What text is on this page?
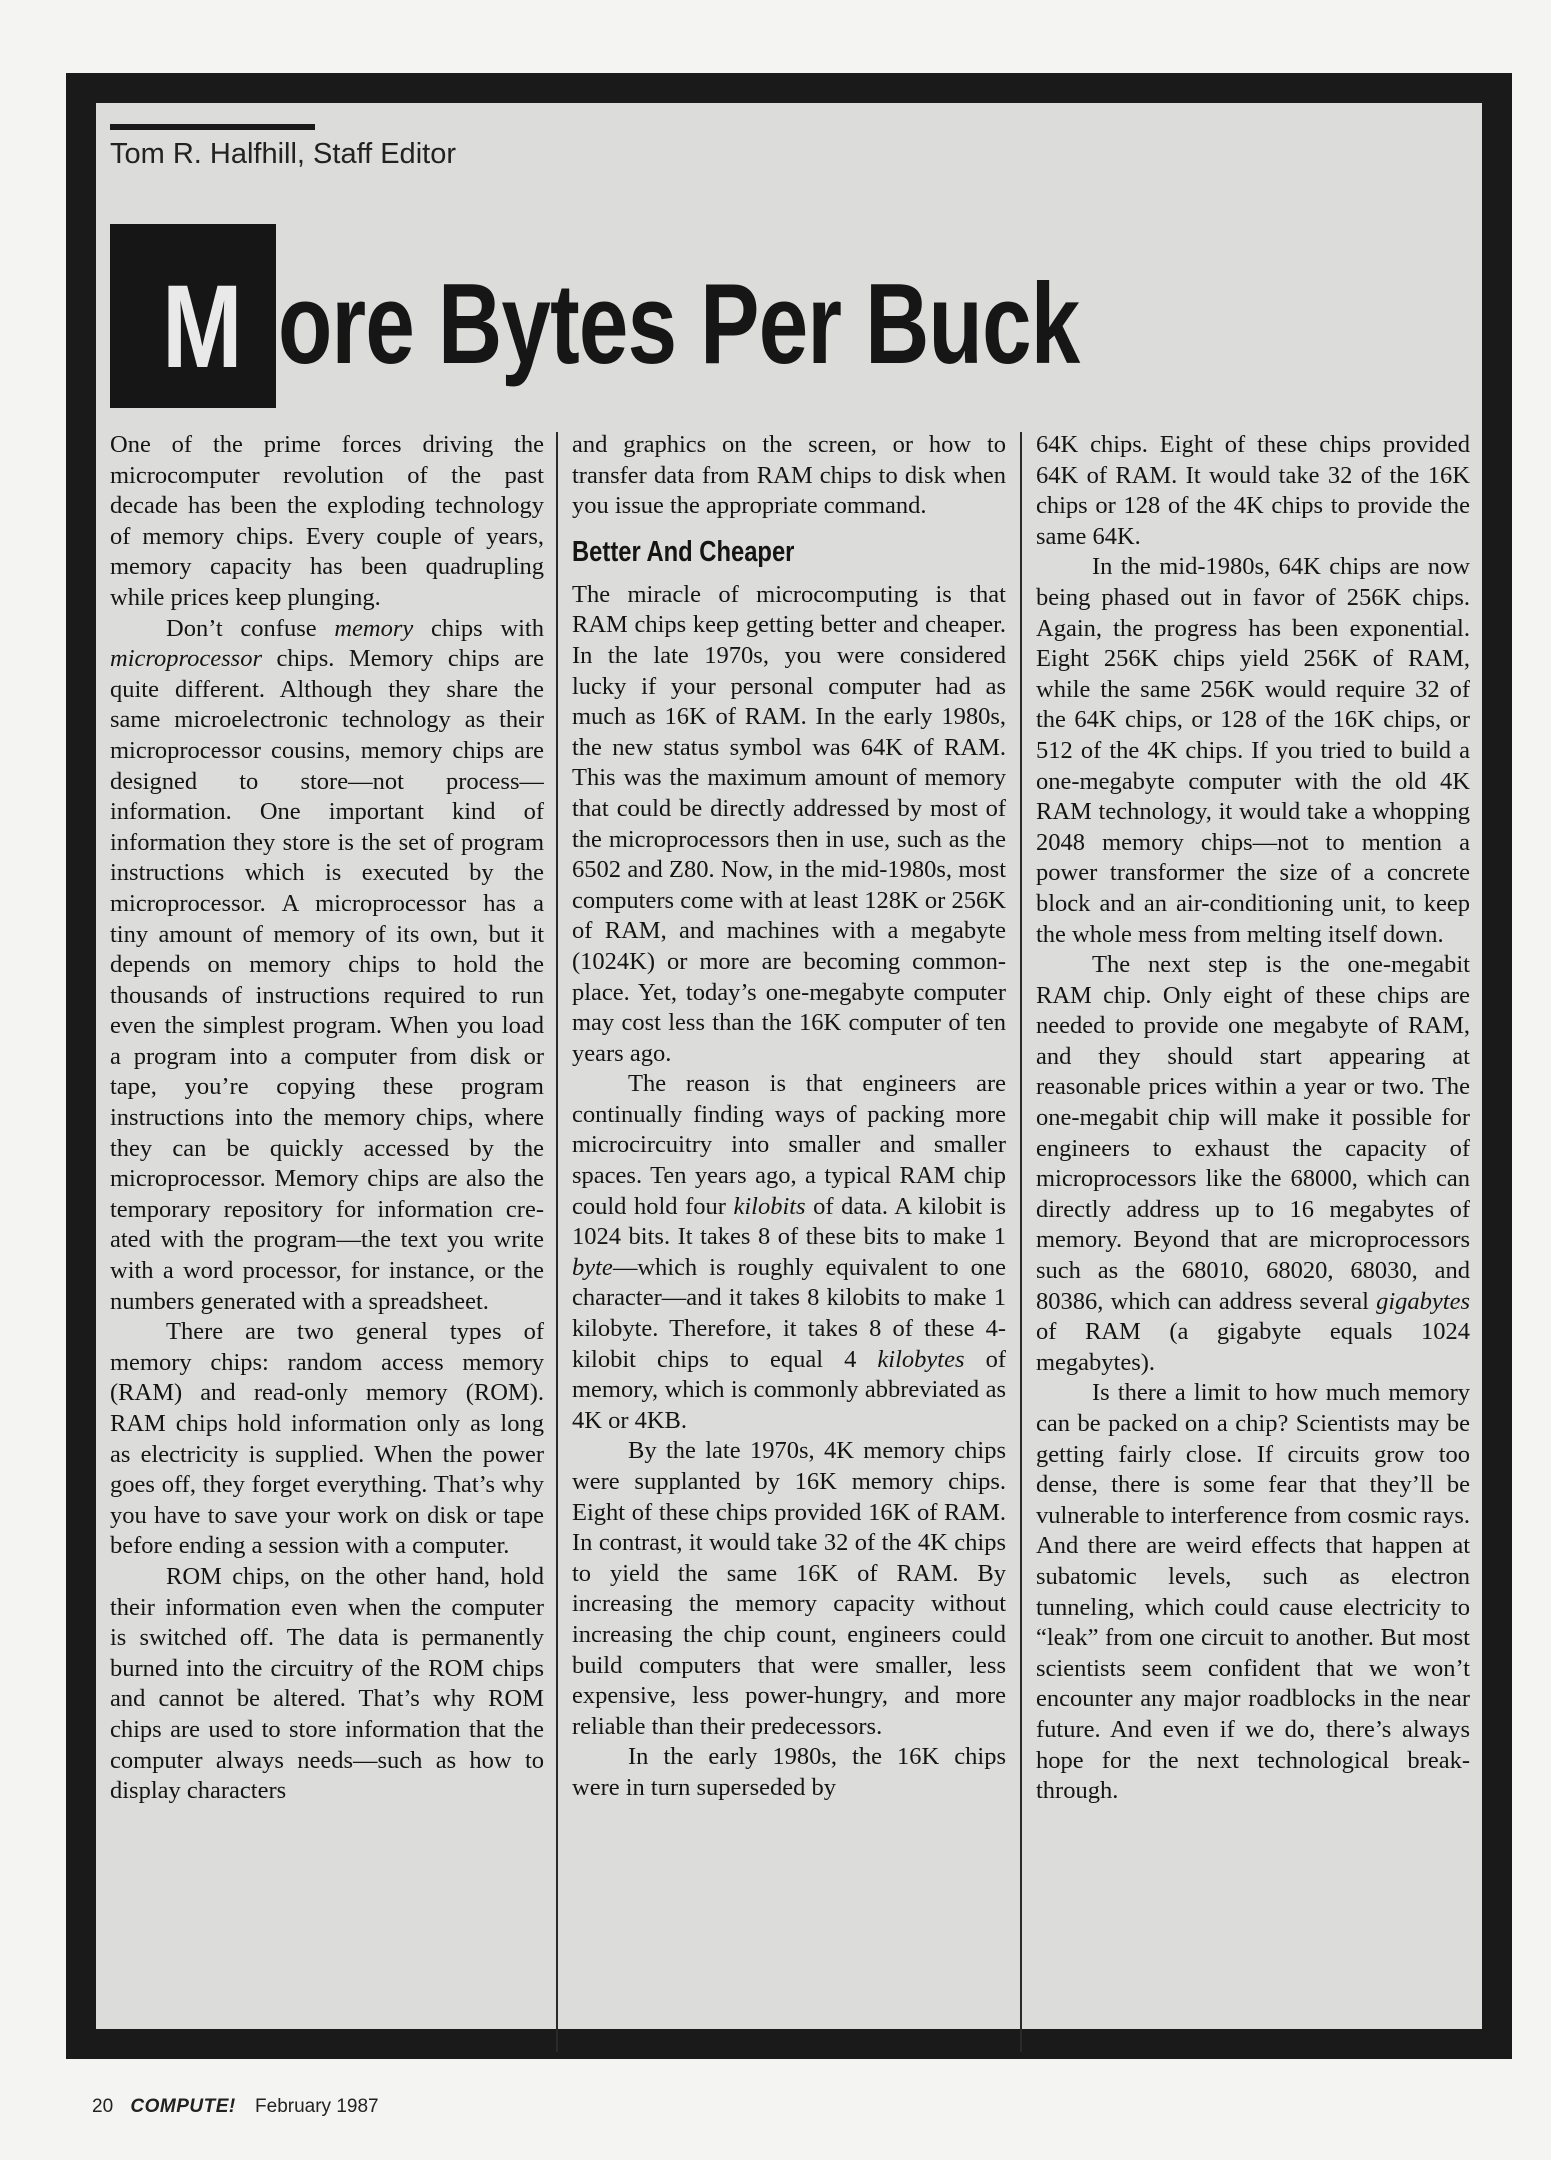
Tom R. Halfhill, Staff Editor
M ore Bytes Per Buck

One of the prime forces driving the microcomputer revolution of the past decade has been the exploding technology of memory chips. Every couple of years, memory capacity has been quadrupling while prices keep plunging.

Don’t confuse memory chips with microprocessor chips. Memory chips are quite different. Although they share the same microelectronic technology as their microprocessor cousins, memory chips are designed to store—not process—information. One important kind of information they store is the set of program instructions which is executed by the microprocessor. A microprocessor has a tiny amount of memory of its own, but it depends on memory chips to hold the thousands of instructions required to run even the simplest program. When you load a program into a computer from disk or tape, you’re copying these program instructions into the memory chips, where they can be quickly accessed by the microprocessor. Memory chips are also the temporary repository for information created with the program—the text you write with a word processor, for instance, or the numbers generated with a spreadsheet.

There are two general types of memory chips: random access memory (RAM) and read-only memory (ROM). RAM chips hold information only as long as electricity is supplied. When the power goes off, they forget everything. That’s why you have to save your work on disk or tape before ending a session with a computer.

ROM chips, on the other hand, hold their information even when the computer is switched off. The data is permanently burned into the circuitry of the ROM chips and cannot be altered. That’s why ROM chips are used to store information that the computer always needs—such as how to display characters

and graphics on the screen, or how to transfer data from RAM chips to disk when you issue the appropriate command.

Better And Cheaper

The miracle of microcomputing is that RAM chips keep getting better and cheaper. In the late 1970s, you were considered lucky if your personal computer had as much as 16K of RAM. In the early 1980s, the new status symbol was 64K of RAM. This was the maximum amount of memory that could be directly addressed by most of the microprocessors then in use, such as the 6502 and Z80. Now, in the mid-1980s, most computers come with at least 128K or 256K of RAM, and machines with a megabyte (1024K) or more are becoming commonplace. Yet, today’s one-megabyte computer may cost less than the 16K computer of ten years ago.

The reason is that engineers are continually finding ways of packing more microcircuitry into smaller and smaller spaces. Ten years ago, a typical RAM chip could hold four kilobits of data. A kilobit is 1024 bits. It takes 8 of these bits to make 1 byte—which is roughly equivalent to one character—and it takes 8 kilobits to make 1 kilobyte. Therefore, it takes 8 of these 4-kilobit chips to equal 4 kilobytes of memory, which is commonly abbreviated as 4K or 4KB.

By the late 1970s, 4K memory chips were supplanted by 16K memory chips. Eight of these chips provided 16K of RAM. In contrast, it would take 32 of the 4K chips to yield the same 16K of RAM. By increasing the memory capacity without increasing the chip count, engineers could build computers that were smaller, less expensive, less power-hungry, and more reliable than their predecessors.

In the early 1980s, the 16K chips were in turn superseded by

64K chips. Eight of these chips provided 64K of RAM. It would take 32 of the 16K chips or 128 of the 4K chips to provide the same 64K.

In the mid-1980s, 64K chips are now being phased out in favor of 256K chips. Again, the progress has been exponential. Eight 256K chips yield 256K of RAM, while the same 256K would require 32 of the 64K chips, or 128 of the 16K chips, or 512 of the 4K chips. If you tried to build a one-megabyte computer with the old 4K RAM technology, it would take a whopping 2048 memory chips—not to mention a power transformer the size of a concrete block and an air-conditioning unit, to keep the whole mess from melting itself down.

The next step is the one-megabit RAM chip. Only eight of these chips are needed to provide one megabyte of RAM, and they should start appearing at reasonable prices within a year or two. The one-megabit chip will make it possible for engineers to exhaust the capacity of microprocessors like the 68000, which can directly address up to 16 megabytes of memory. Beyond that are microprocessors such as the 68010, 68020, 68030, and 80386, which can address several gigabytes of RAM (a gigabyte equals 1024 megabytes).

Is there a limit to how much memory can be packed on a chip? Scientists may be getting fairly close. If circuits grow too dense, there is some fear that they’ll be vulnerable to interference from cosmic rays. And there are weird effects that happen at subatomic levels, such as electron tunneling, which could cause electricity to “leak” from one circuit to another. But most scientists seem confident that we won’t encounter any major roadblocks in the near future. And even if we do, there’s always hope for the next technological breakthrough.

20 COMPUTE! February 1987
